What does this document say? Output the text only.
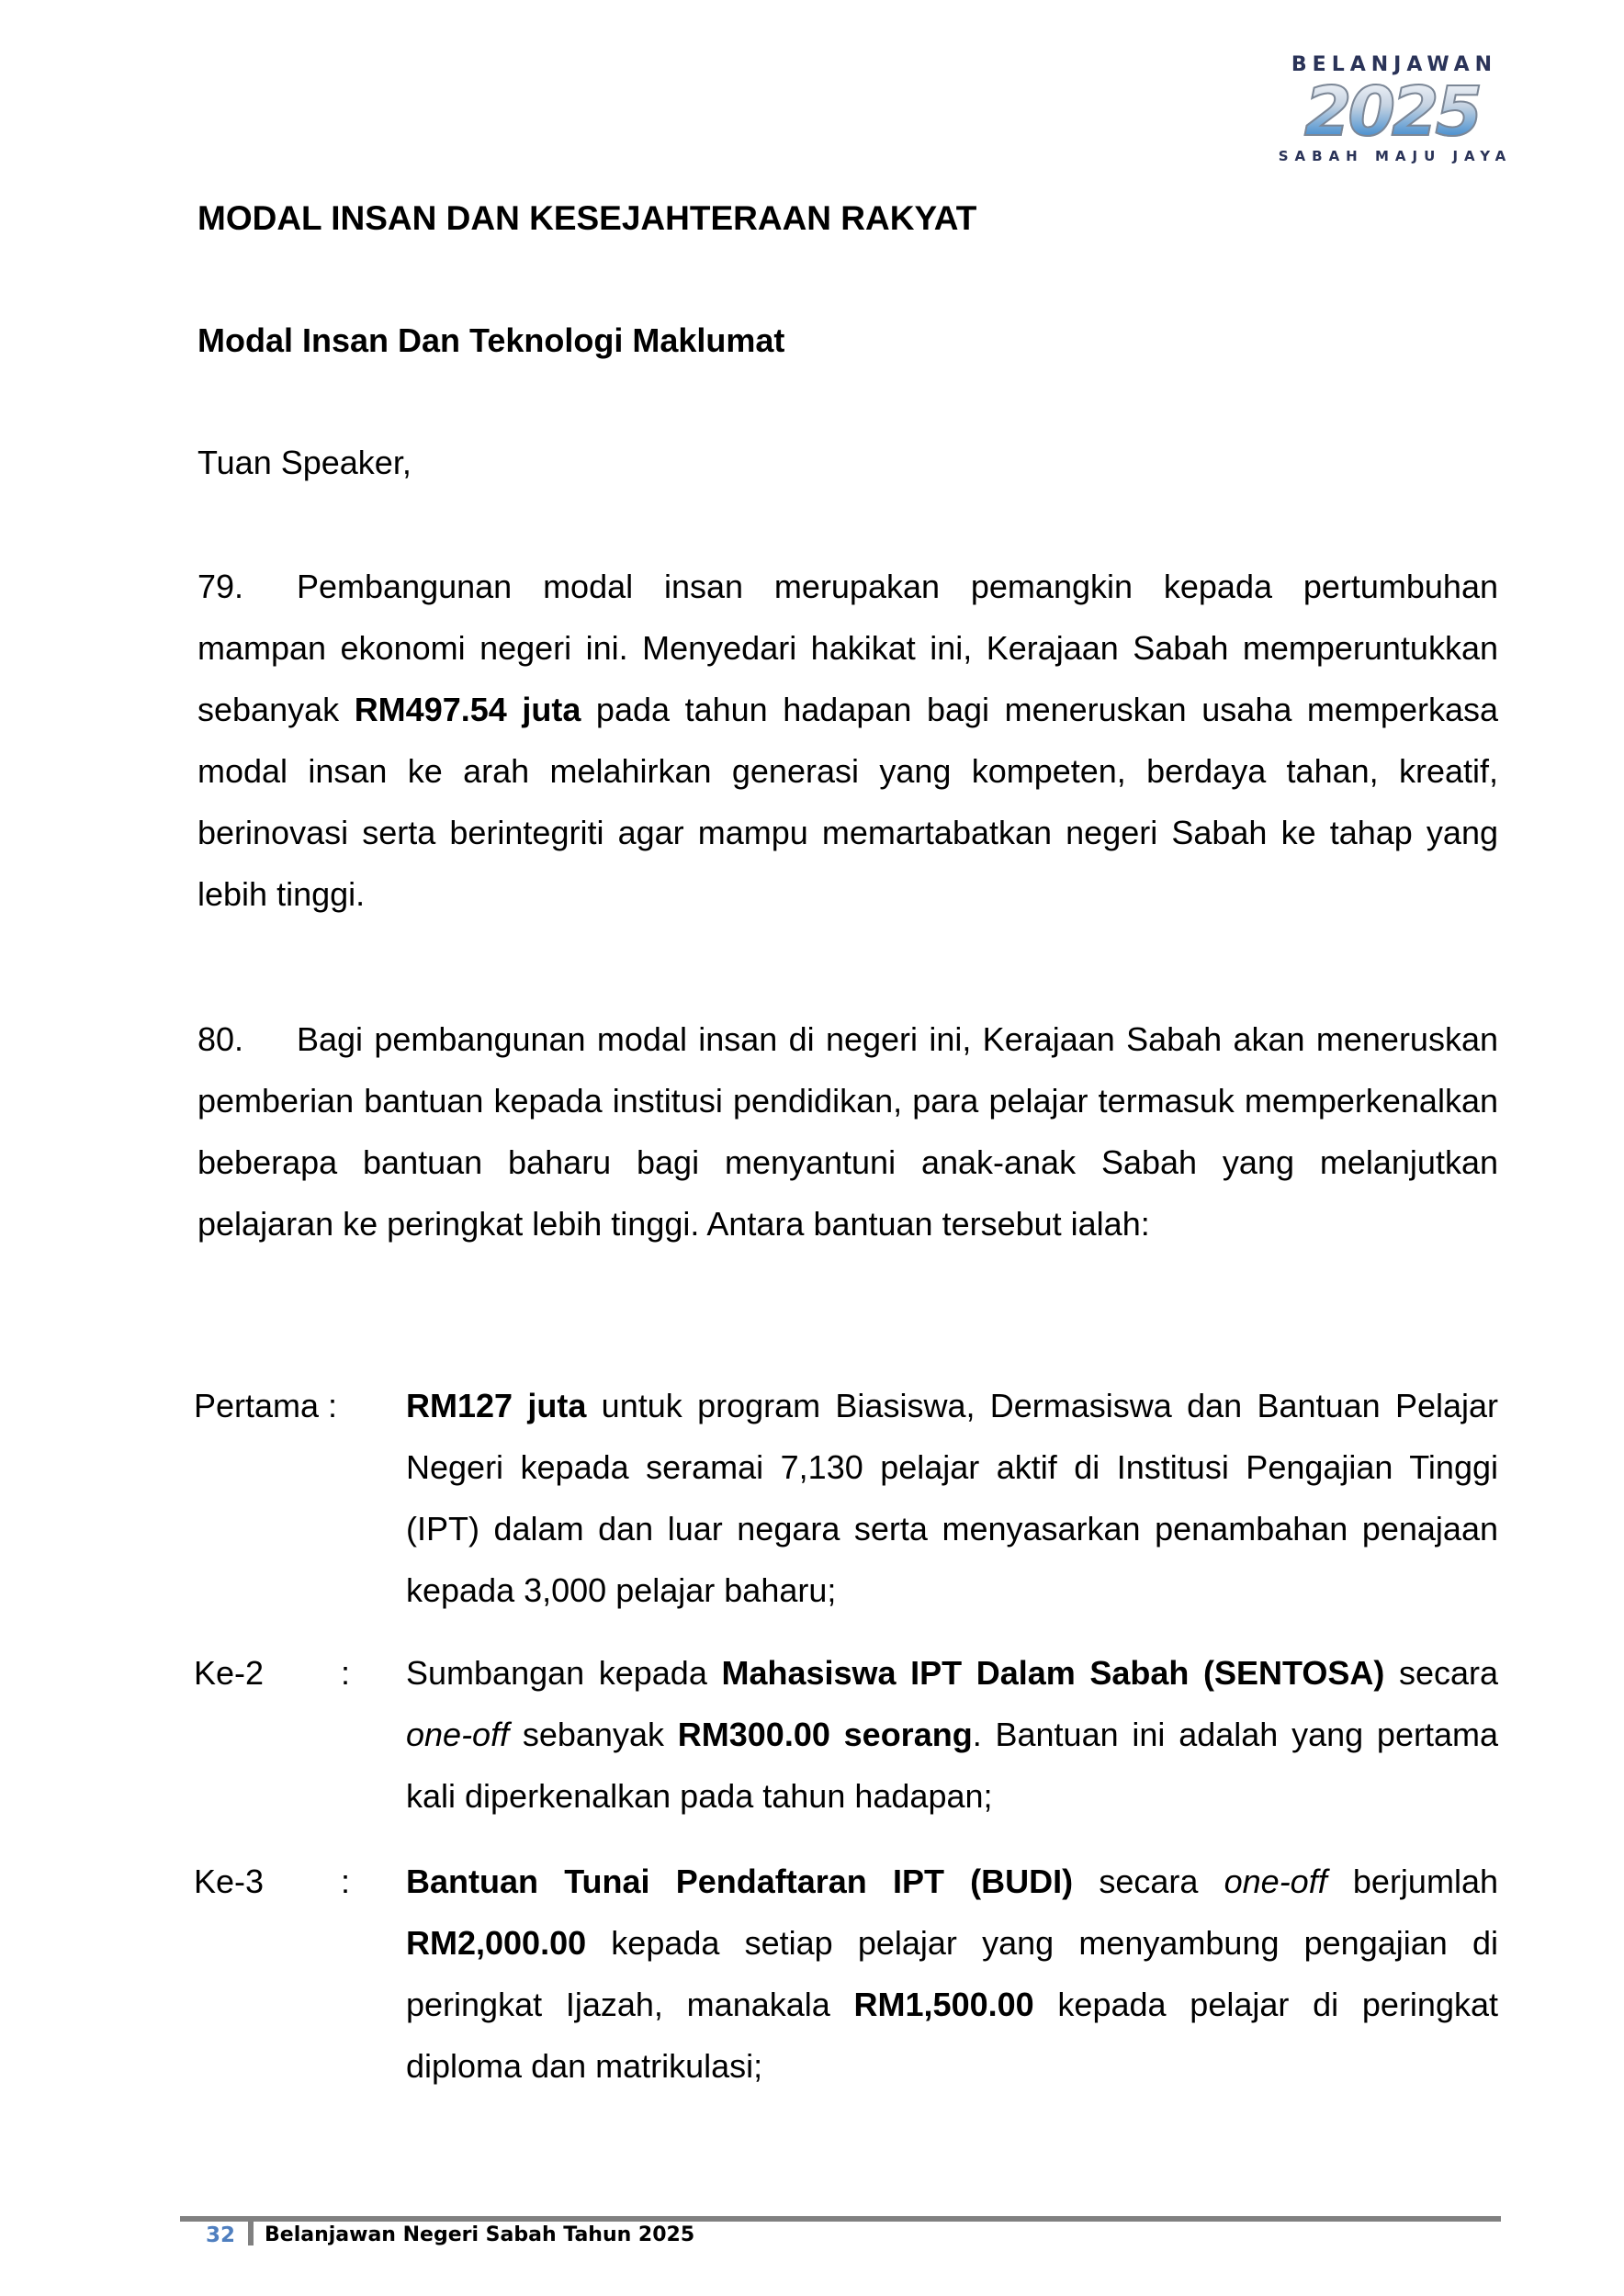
BELANJAWAN
2025
SABAH MAJU JAYA
MODAL INSAN DAN KESEJAHTERAAN RAKYAT
Modal Insan Dan Teknologi Maklumat
Tuan Speaker,
79. Pembangunan modal insan merupakan pemangkin kepada pertumbuhan mampan ekonomi negeri ini. Menyedari hakikat ini, Kerajaan Sabah memperuntukkan sebanyak RM497.54 juta pada tahun hadapan bagi meneruskan usaha memperkasa modal insan ke arah melahirkan generasi yang kompeten, berdaya tahan, kreatif, berinovasi serta berintegriti agar mampu memartabatkan negeri Sabah ke tahap yang lebih tinggi.
80. Bagi pembangunan modal insan di negeri ini, Kerajaan Sabah akan meneruskan pemberian bantuan kepada institusi pendidikan, para pelajar termasuk memperkenalkan beberapa bantuan baharu bagi menyantuni anak-anak Sabah yang melanjutkan pelajaran ke peringkat lebih tinggi. Antara bantuan tersebut ialah:
Pertama : RM127 juta untuk program Biasiswa, Dermasiswa dan Bantuan Pelajar Negeri kepada seramai 7,130 pelajar aktif di Institusi Pengajian Tinggi (IPT) dalam dan luar negara serta menyasarkan penambahan penajaan kepada 3,000 pelajar baharu;
Ke-2 : Sumbangan kepada Mahasiswa IPT Dalam Sabah (SENTOSA) secara one-off sebanyak RM300.00 seorang. Bantuan ini adalah yang pertama kali diperkenalkan pada tahun hadapan;
Ke-3 : Bantuan Tunai Pendaftaran IPT (BUDI) secara one-off berjumlah RM2,000.00 kepada setiap pelajar yang menyambung pengajian di peringkat Ijazah, manakala RM1,500.00 kepada pelajar di peringkat diploma dan matrikulasi;
32 Belanjawan Negeri Sabah Tahun 2025
